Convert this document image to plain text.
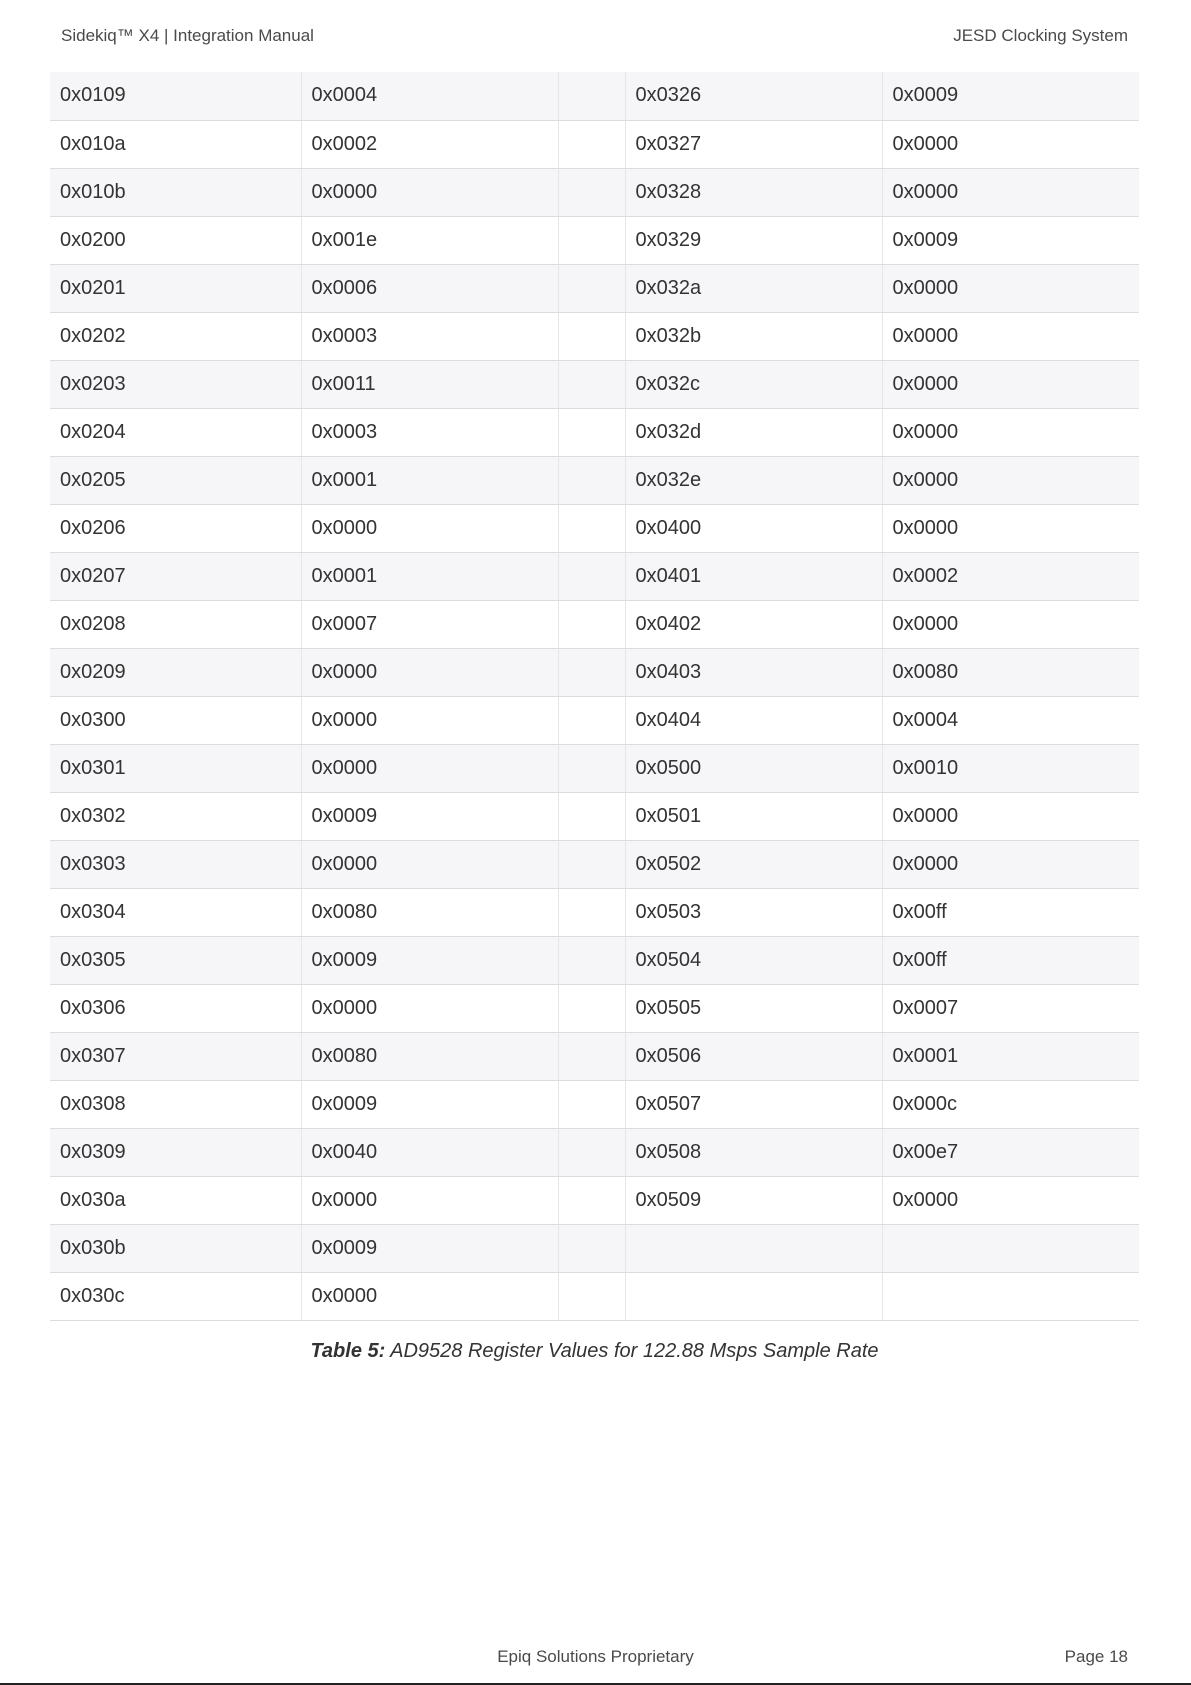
Sidekiq™ X4 | Integration Manual	JESD Clocking System
0x0109	0x0004		0x0326	0x0009
0x010a	0x0002		0x0327	0x0000
0x010b	0x0000		0x0328	0x0000
0x0200	0x001e		0x0329	0x0009
0x0201	0x0006		0x032a	0x0000
0x0202	0x0003		0x032b	0x0000
0x0203	0x0011		0x032c	0x0000
0x0204	0x0003		0x032d	0x0000
0x0205	0x0001		0x032e	0x0000
0x0206	0x0000		0x0400	0x0000
0x0207	0x0001		0x0401	0x0002
0x0208	0x0007		0x0402	0x0000
0x0209	0x0000		0x0403	0x0080
0x0300	0x0000		0x0404	0x0004
0x0301	0x0000		0x0500	0x0010
0x0302	0x0009		0x0501	0x0000
0x0303	0x0000		0x0502	0x0000
0x0304	0x0080		0x0503	0x00ff
0x0305	0x0009		0x0504	0x00ff
0x0306	0x0000		0x0505	0x0007
0x0307	0x0080		0x0506	0x0001
0x0308	0x0009		0x0507	0x000c
0x0309	0x0040		0x0508	0x00e7
0x030a	0x0000		0x0509	0x0000
0x030b	0x0009			
0x030c	0x0000			
Table 5: AD9528 Register Values for 122.88 Msps Sample Rate
Epiq Solutions Proprietary	Page 18
